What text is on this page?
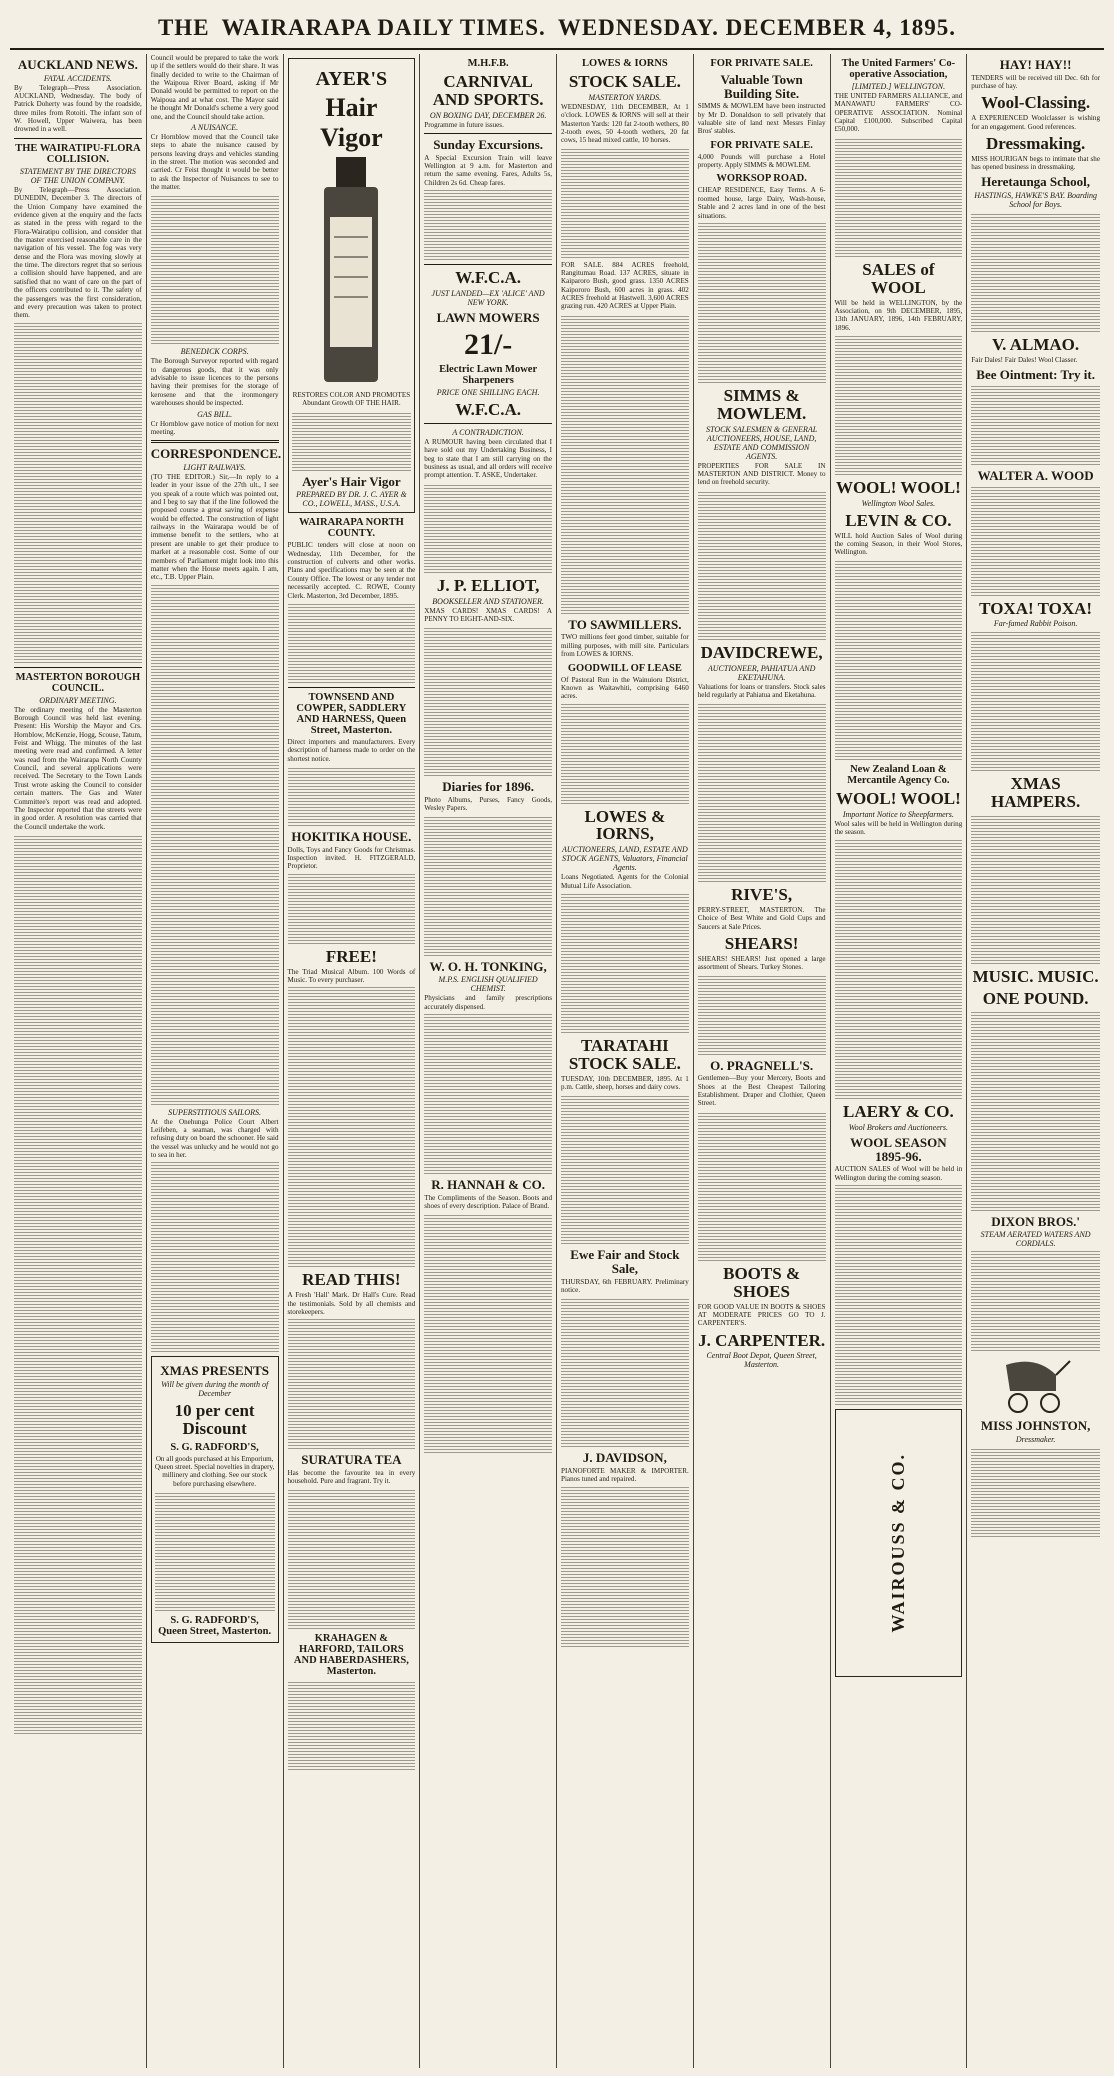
THE WAIRARAPA DAILY TIMES. WEDNESDAY. DECEMBER 4, 1895.
AUCKLAND NEWS.
FATAL ACCIDENTS.

By Telegraph—Press Association. AUCKLAND, Wednesday. The body of Patrick Doherty was found by the roadside, three miles from Rotoiti. The infant son of W. Howell, Upper Waiwera, has been drowned in a well.

THE WAIRATIPU-FLORA COLLISION.
STATEMENT BY THE DIRECTORS OF THE UNION COMPANY.

By Telegraph—Press Association. DUNEDIN, December 3. The directors of the Union Company have examined the evidence given at the enquiry and the facts as stated in the press with regard to the Flora-Wairatipu collision, and consider that the master exercised reasonable care in the navigation of his vessel. The fog was very dense and the Flora was moving slowly at the time. The directors regret that so serious a collision should have happened, and are satisfied that no want of care on the part of the officers contributed to it. The safety of the passengers was the first consideration, and every precaution was taken to protect them.

MASTERTON BOROUGH COUNCIL.
ORDINARY MEETING.

The ordinary meeting of the Masterton Borough Council was held last evening. Present: His Worship the Mayor and Crs. Hornblow, McKenzie, Hogg, Scouse, Tatum, Feist and Whigg. The minutes of the last meeting were read and confirmed. A letter was read from the Wairarapa North County Council, and several applications were received. The Secretary to the Town Lands Trust wrote asking the Council to consider certain matters. The Gas and Water Committee's report was read and adopted. The Inspector reported that the streets were in good order. A resolution was carried that the Council undertake the work.

Council would be prepared to take the work up if the settlers would do their share. It was finally decided to write to the Chairman of the Waipoua River Board, asking if Mr Donald would be permitted to report on the Waipoua and at what cost. The Mayor said he thought Mr Donald's scheme a very good one, and the Council should take action.

A NUISANCE.

Cr Hornblow moved that the Council take steps to abate the nuisance caused by persons leaving drays and vehicles standing in the street. The motion was seconded and carried. Cr Feist thought it would be better to ask the Inspector of Nuisances to see to the matter.

BENEDICK CORPS.

The Borough Surveyor reported with regard to dangerous goods, that it was only advisable to issue licences to the persons having their premises for the storage of kerosene and that the ironmongery warehouses should be inspected.

GAS BILL.

Cr Hornblow gave notice of motion for next meeting.

CORRESPONDENCE.
LIGHT RAILWAYS.

(TO THE EDITOR.) Sir,—In reply to a leader in your issue of the 27th ult., I see you speak of a route which was pointed out, and I beg to say that if the line followed the proposed course a great saving of expense would be effected. The construction of light railways in the Wairarapa would be of immense benefit to the settlers, who at present are unable to get their produce to market at a reasonable cost. Some of our members of Parliament might look into this matter when the House meets again. I am, etc., T.B. Upper Plain.

SUPERSTITIOUS SAILORS.

At the Onehunga Police Court Albert Leifeben, a seaman, was charged with refusing duty on board the schooner. He said the vessel was unlucky and he would not go to sea in her.

XMAS PRESENTS
Will be given during the month of December
10 per cent Discount
S. G. RADFORD'S,

On all goods purchased at his Emporium, Queen street. Special novelties in drapery, millinery and clothing. See our stock before purchasing elsewhere.

S. G. RADFORD'S, Queen Street, Masterton.
AYER'S
Hair Vigor

RESTORES COLOR AND PROMOTES Abundant Growth OF THE HAIR.

Ayer's Hair Vigor
PREPARED BY DR. J. C. AYER & CO., LOWELL, MASS., U.S.A.
WAIRARAPA NORTH COUNTY.

PUBLIC tenders will close at noon on Wednesday, 11th December, for the construction of culverts and other works. Plans and specifications may be seen at the County Office. The lowest or any tender not necessarily accepted. C. ROWE, County Clerk. Masterton, 3rd December, 1895.

TOWNSEND AND COWPER, SADDLERY AND HARNESS, Queen Street, Masterton.

Direct importers and manufacturers. Every description of harness made to order on the shortest notice.

HOKITIKA HOUSE.

Dolls, Toys and Fancy Goods for Christmas. Inspection invited. H. FITZGERALD, Proprietor.

FREE!

The Triad Musical Album. 100 Words of Music. To every purchaser.

READ THIS!

A Fresh 'Hall' Mark. Dr Hall's Cure. Read the testimonials. Sold by all chemists and storekeepers.

SURATURA TEA

Has become the favourite tea in every household. Pure and fragrant. Try it.

KRAHAGEN & HARFORD, TAILORS AND HABERDASHERS, Masterton.
M.H.F.B.
CARNIVAL AND SPORTS.
ON BOXING DAY, DECEMBER 26.

Programme in future issues.

Sunday Excursions.

A Special Excursion Train will leave Wellington at 9 a.m. for Masterton and return the same evening. Fares, Adults 5s, Children 2s 6d. Cheap fares.

W.F.C.A.
JUST LANDED—EX 'ALICE' AND NEW YORK.
LAWN MOWERS
21/-
Electric Lawn Mower Sharpeners
PRICE ONE SHILLING EACH.
W.F.C.A.
A CONTRADICTION.

A RUMOUR having been circulated that I have sold out my Undertaking Business, I beg to state that I am still carrying on the business as usual, and all orders will receive prompt attention. T. ASKE, Undertaker.

J. P. ELLIOT,
BOOKSELLER AND STATIONER.

XMAS CARDS! XMAS CARDS! A PENNY TO EIGHT-AND-SIX.

Diaries for 1896.

Photo Albums, Purses, Fancy Goods, Wesley Papers.

W. O. H. TONKING,
M.P.S. ENGLISH QUALIFIED CHEMIST.

Physicians and family prescriptions accurately dispensed.

R. HANNAH & CO.

The Compliments of the Season. Boots and shoes of every description. Palace of Brand.

LOWES & IORNS
STOCK SALE.
MASTERTON YARDS.

WEDNESDAY, 11th DECEMBER, At 1 o'clock. LOWES & IORNS will sell at their Masterton Yards: 120 fat 2-tooth wethers, 80 2-tooth ewes, 50 4-tooth wethers, 20 fat cows, 15 head mixed cattle, 10 horses.

FOR SALE. 884 ACRES freehold, Rangitumau Road. 137 ACRES, situate in Kaiparoro Bush, good grass. 1350 ACRES Kaipororo Bush, 600 acres in grass. 402 ACRES freehold at Hastwell. 3,600 ACRES grazing run. 420 ACRES at Upper Plain.

TO SAWMILLERS.

TWO millions feet good timber, suitable for milling purposes, with mill site. Particulars from LOWES & IORNS.

GOODWILL OF LEASE

Of Pastoral Run in the Wainuioru District, Known as Waitawhiti, comprising 6460 acres.

LOWES & IORNS,
AUCTIONEERS, LAND, ESTATE AND STOCK AGENTS, Valuators, Financial Agents.

Loans Negotiated. Agents for the Colonial Mutual Life Association.

TARATAHI STOCK SALE.

TUESDAY, 10th DECEMBER, 1895. At 1 p.m. Cattle, sheep, horses and dairy cows.

Ewe Fair and Stock Sale,

THURSDAY, 6th FEBRUARY. Preliminary notice.

J. DAVIDSON,

PIANOFORTE MAKER & IMPORTER. Pianos tuned and repaired.

FOR PRIVATE SALE.
Valuable Town Building Site.

SIMMS & MOWLEM have been instructed by Mr D. Donaldson to sell privately that valuable site of land next Messrs Finlay Bros' stables.

FOR PRIVATE SALE.

4,000 Pounds will purchase a Hotel property. Apply SIMMS & MOWLEM.

WORKSOP ROAD.

CHEAP RESIDENCE, Easy Terms. A 6-roomed house, large Dairy, Wash-house, Stable and 2 acres land in one of the best situations.

SIMMS & MOWLEM.
STOCK SALESMEN & GENERAL AUCTIONEERS, HOUSE, LAND, ESTATE AND COMMISSION AGENTS.

PROPERTIES FOR SALE IN MASTERTON AND DISTRICT. Money to lend on freehold security.

DAVIDCREWE,
AUCTIONEER, PAHIATUA AND EKETAHUNA.

Valuations for loans or transfers. Stock sales held regularly at Pahiatua and Eketahuna.

RIVE'S,

PERRY-STREET, MASTERTON. The Choice of Best White and Gold Cups and Saucers at Sale Prices.

SHEARS!

SHEARS! SHEARS! Just opened a large assortment of Shears. Turkey Stones.

O. PRAGNELL'S.

Gentlemen—Buy your Mercery, Boots and Shoes at the Best Cheapest Tailoring Establishment. Draper and Clothier, Queen Street.

BOOTS & SHOES

FOR GOOD VALUE IN BOOTS & SHOES AT MODERATE PRICES GO TO J. CARPENTER'S.

J. CARPENTER.
Central Boot Depot, Queen Street, Masterton.
The United Farmers' Co-operative Association,
[LIMITED.] WELLINGTON.

THE UNITED FARMERS ALLIANCE, and MANAWATU FARMERS' CO-OPERATIVE ASSOCIATION. Nominal Capital £100,000. Subscribed Capital £50,000.

SALES of WOOL

Will be held in WELLINGTON, by the Association, on 9th DECEMBER, 1895, 13th JANUARY, 1896, 14th FEBRUARY, 1896.

WOOL! WOOL!
Wellington Wool Sales.
LEVIN & CO.

WILL hold Auction Sales of Wool during the coming Season, in their Wool Stores, Wellington.

New Zealand Loan & Mercantile Agency Co.
WOOL! WOOL!
Important Notice to Sheepfarmers.

Wool sales will be held in Wellington during the season.

LAERY & CO.
Wool Brokers and Auctioneers.
WOOL SEASON 1895-96.

AUCTION SALES of Wool will be held in Wellington during the coming season.

WAIROUSS & CO.
HAY! HAY!!

TENDERS will be received till Dec. 6th for purchase of hay.

Wool-Classing.

A EXPERIENCED Woolclasser is wishing for an engagement. Good references.

Dressmaking.

MISS HOURIGAN begs to intimate that she has opened business in dressmaking.

Heretaunga School,
HASTINGS, HAWKE'S BAY. Boarding School for Boys.
V. ALMAO.

Fair Dales! Fair Dales! Wool Classer.

Bee Ointment: Try it.
WALTER A. WOOD
TOXA! TOXA!
Far-famed Rabbit Poison.
XMAS HAMPERS.
MUSIC. MUSIC.
ONE POUND.
DIXON BROS.'
STEAM AERATED WATERS AND CORDIALS.
MISS JOHNSTON,
Dressmaker.
